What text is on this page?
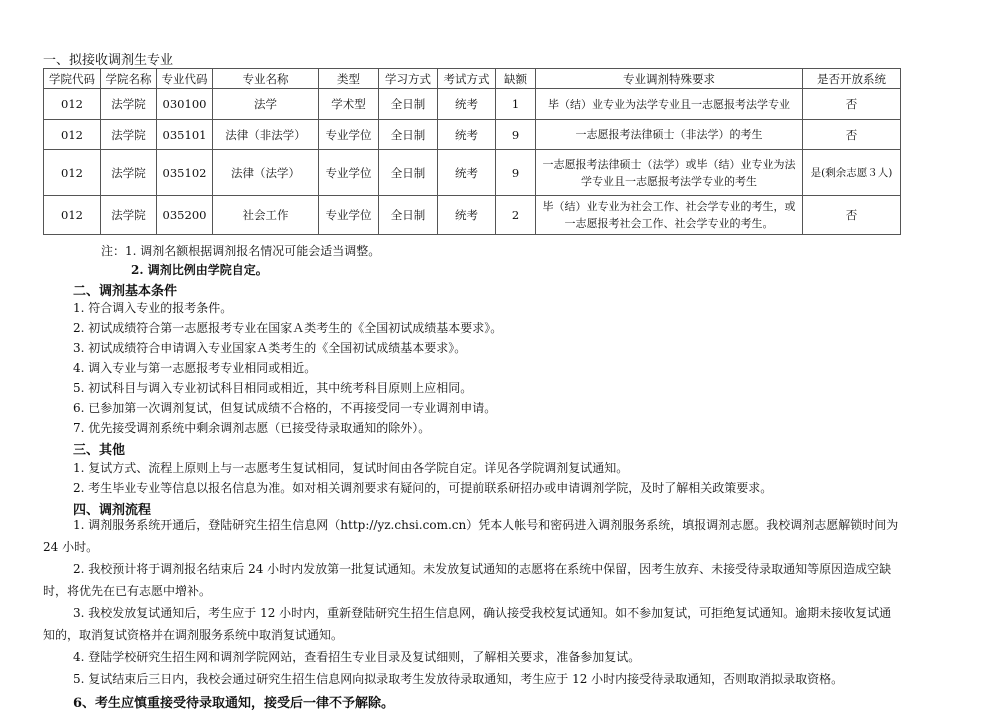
一、拟接收调剂生专业
学院代码	学院名称	专业代码	专业名称	类型	学习方式	考试方式	缺额	专业调剂特殊要求	是否开放系统
012	法学院	030100	法学	学术型	全日制	统考	1	毕（结）业专业为法学专业且一志愿报考法学专业	否
012	法学院	035101	法律（非法学）	专业学位	全日制	统考	9	一志愿报考法律硕士（非法学）的考生	否
012	法学院	035102	法律（法学）	专业学位	全日制	统考	9	一志愿报考法律硕士（法学）或毕（结）业专业为法学专业且一志愿报考法学专业的考生	是(剩余志愿３人)
012	法学院	035200	社会工作	专业学位	全日制	统考	2	毕（结）业专业为社会工作、社会学专业的考生，或一志愿报考社会工作、社会学专业的考生。	否
注：1. 调剂名额根据调剂报名情况可能会适当调整。
2. 调剂比例由学院自定。
二、调剂基本条件
1. 符合调入专业的报考条件。
2. 初试成绩符合第一志愿报考专业在国家Ａ类考生的《全国初试成绩基本要求》。
3. 初试成绩符合申请调入专业国家Ａ类考生的《全国初试成绩基本要求》。
4. 调入专业与第一志愿报考专业相同或相近。
5. 初试科目与调入专业初试科目相同或相近，其中统考科目原则上应相同。
6. 已参加第一次调剂复试，但复试成绩不合格的，不再接受同一专业调剂申请。
7. 优先接受调剂系统中剩余调剂志愿（已接受待录取通知的除外）。
三、其他
1. 复试方式、流程上原则上与一志愿考生复试相同，复试时间由各学院自定。详见各学院调剂复试通知。
2. 考生毕业专业等信息以报名信息为准。如对相关调剂要求有疑问的，可提前联系研招办或申请调剂学院，及时了解相关政策要求。
四、调剂流程
1. 调剂服务系统开通后，登陆研究生招生信息网（http://yz.chsi.com.cn）凭本人帐号和密码进入调剂服务系统，填报调剂志愿。我校调剂志愿解锁时间为 24 小时。
2. 我校预计将于调剂报名结束后 24 小时内发放第一批复试通知。未发放复试通知的志愿将在系统中保留，因考生放弃、未接受待录取通知等原因造成空缺时，将优先在已有志愿中增补。
3. 我校发放复试通知后，考生应于 12 小时内，重新登陆研究生招生信息网，确认接受我校复试通知。如不参加复试，可拒绝复试通知。逾期未接收复试通知的，取消复试资格并在调剂服务系统中取消复试通知。
4. 登陆学校研究生招生网和调剂学院网站，查看招生专业目录及复试细则，了解相关要求，准备参加复试。
5. 复试结束后三日内，我校会通过研究生招生信息网向拟录取考生发放待录取通知，考生应于 12 小时内接受待录取通知，否则取消拟录取资格。
6、考生应慎重接受待录取通知，接受后一律不予解除。
